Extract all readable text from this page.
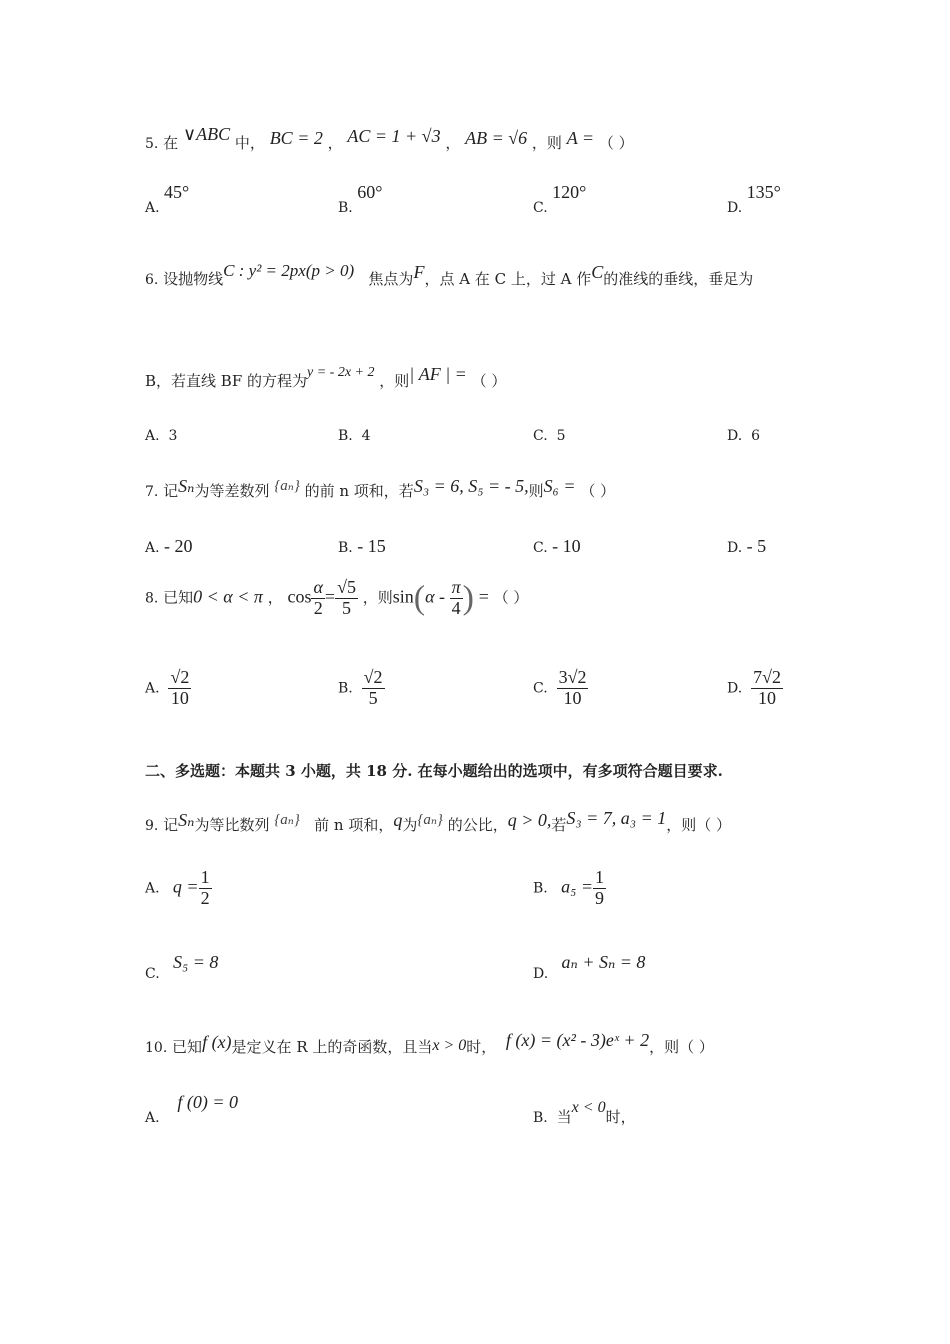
5. 在 ∨ABC 中， BC = 2 ， AC = 1 + √3 ， AB = √6 ，则 A = （ ）
A. 45°
B. 60°
C. 120°
D. 135°
6. 设抛物线C : y² = 2px(p > 0) 焦点为F，点 A 在 C 上，过 A 作C的准线的垂线，垂足为
B，若直线 BF 的方程为y = - 2x + 2 ，则| AF | = （ ）
A. 3	B. 4	C. 5	D. 6
7. 记Sₙ为等差数列 {aₙ} 的前 n 项和，若S₃ = 6, S₅ = - 5,则S₆ = （ ）
A. - 20	B. - 15	C. - 10	D. - 5
8. 已知0 < α < π ， $\cos \frac{\alpha}{2} = \frac{√5}{5}$ ，则$\sin(\alpha - \frac{\pi}{4}$ ) = （ ）
A. $\frac{√2}{10}$	B. $\frac{√2}{5}$	C. $\frac{3√2}{10}$	D. $\frac{7√2}{10}$
二、多选题：本题共 3 小题，共 18 分. 在每小题给出的选项中，有多项符合题目要求.
9. 记Sₙ为等比数列 {aₙ} 前 n 项和，q为{aₙ} 的公比，q > 0,若S₃ = 7, a₃ = 1，则（ ）
A. $q = \frac{1}{2}$	B. $a_5 = \frac{1}{9}$
C.   S₅ = 8
D.   aₙ + Sₙ = 8
10. 已知f (x)是定义在 R 上的奇函数，且当x > 0时， f (x) = (x² - 3)eˣ + 2，则（ ）
A.    f (0) = 0
B. 当x < 0时，
